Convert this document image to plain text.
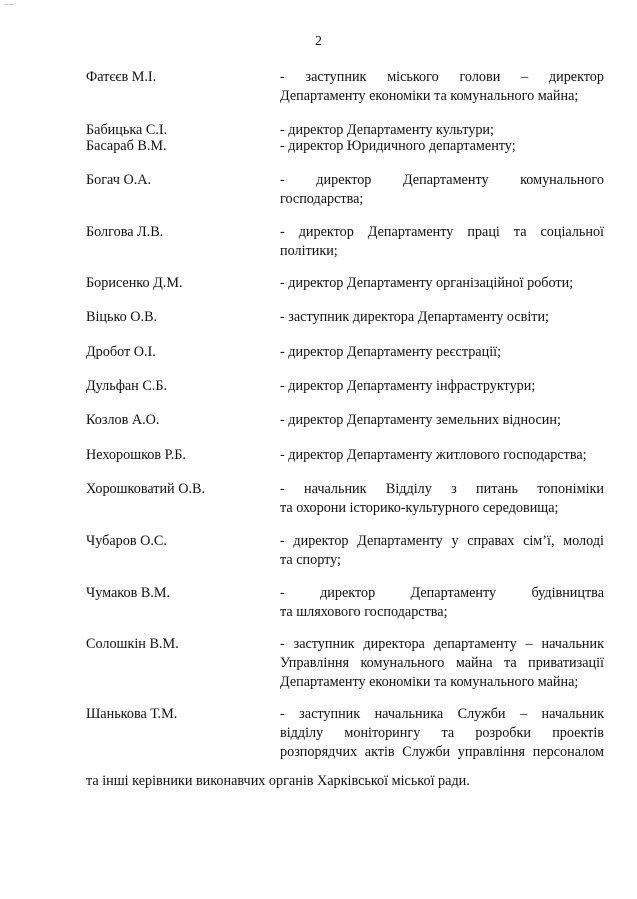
2
Фатєєв М.І.	- заступник міського голови – директор
Департаменту економіки та комунального майна;
Бабицька С.І.	- директор Департаменту культури;
Басараб В.М.	- директор Юридичного департаменту;
Богач О.А.	- директор Департаменту комунального
господарства;
Болгова Л.В.	- директор Департаменту праці та соціальної
політики;
Борисенко Д.М.	- директор Департаменту організаційної роботи;
Віцько О.В.	- заступник директора Департаменту освіти;
Дробот О.І.	- директор Департаменту реєстрації;
Дульфан С.Б.	- директор Департаменту інфраструктури;
Козлов А.О.	- директор Департаменту земельних відносин;
Нехорошков Р.Б.	- директор Департаменту житлового господарства;
Хорошковатий О.В.	- начальник Відділу з питань топоніміки
та охорони історико-культурного середовища;
Чубаров О.С.	- директор Департаменту у справах сім’ї, молоді
та спорту;
Чумаков В.М.	- директор Департаменту будівництва
та шляхового господарства;
Солошкін В.М.	- заступник директора департаменту – начальник
Управління комунального майна та приватизації
Департаменту економіки та комунального майна;
Шанькова Т.М.	- заступник начальника Служби – начальник
відділу моніторингу та розробки проектів
розпорядчих актів Служби управління персоналом
та інші керівники виконавчих органів Харківської міської ради.
